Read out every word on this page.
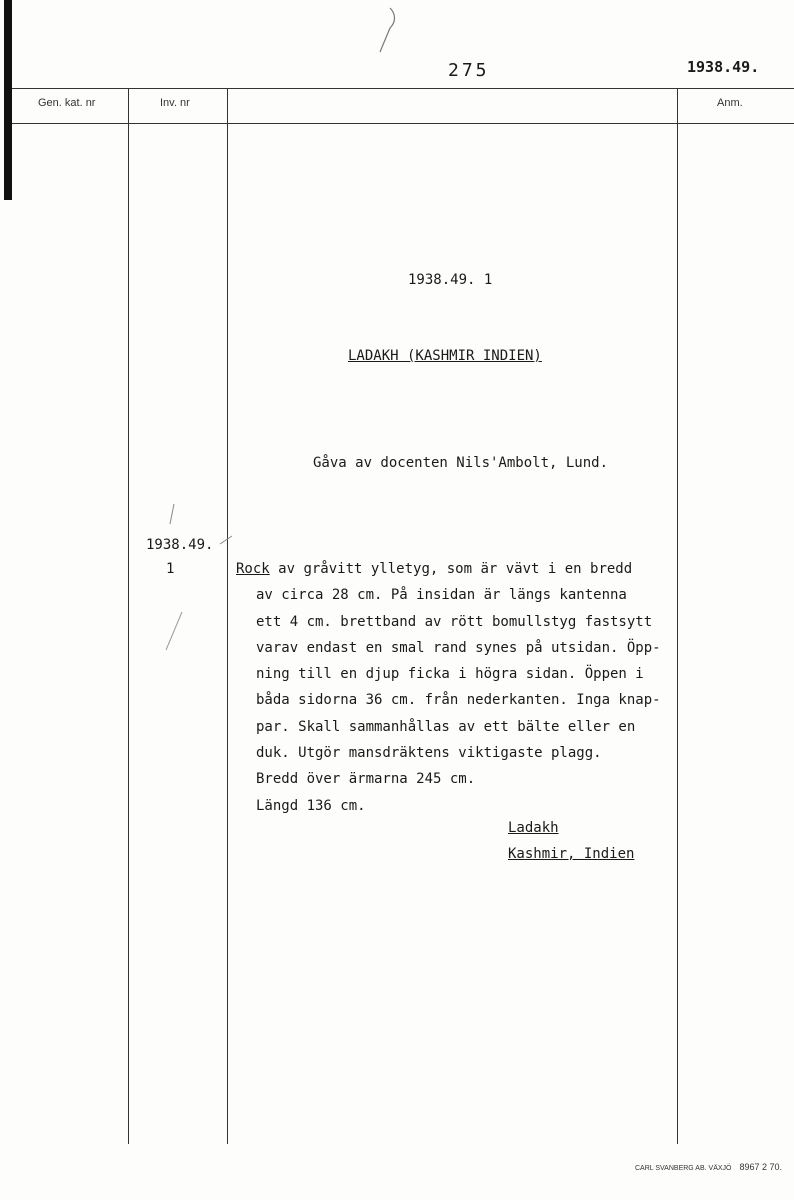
275	1938.49.
Gen. kat. nr	Inv. nr	Anm.
1938.49. 1
LADAKH (KASHMIR INDIEN)
Gåva av docenten Nils'Ambolt, Lund.
1938.49.
1	Rock av gråvitt ylletyg, som är vävt i en bredd
av circa 28 cm. På insidan är längs kantenna
ett 4 cm. brettband av rött bomullstyg fastsytt
varav endast en smal rand synes på utsidan. Öpp-
ning till en djup ficka i högra sidan. Öppen i
båda sidorna 36 cm. från nederkanten. Inga knap-
par. Skall sammanhållas av ett bälte eller en
duk. Utgör mansdräktens viktigaste plagg.
Bredd över ärmarna 245 cm.
Längd 136 cm.
Ladakh
Kashmir, Indien
CARL SVANBERG AB. VÄXJÖ 8967 2 70.
